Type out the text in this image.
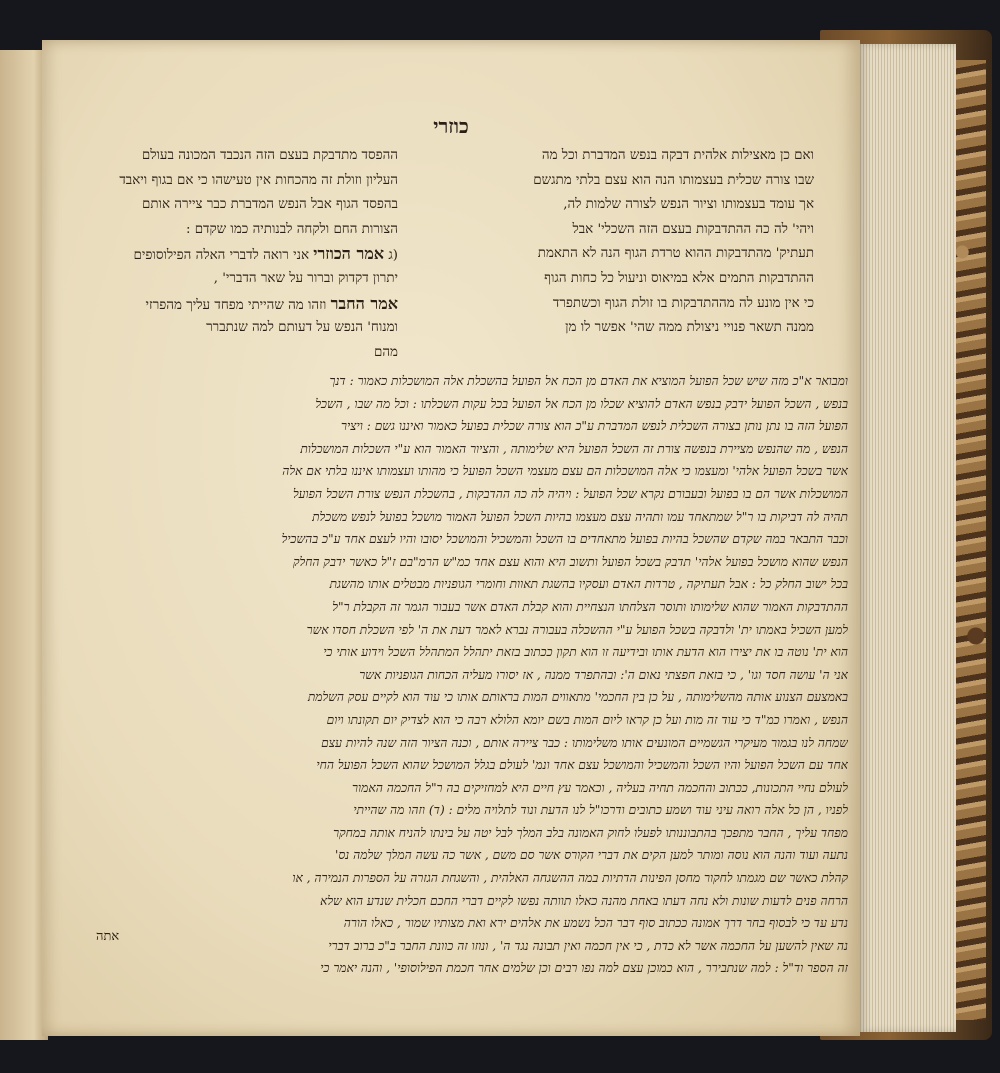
כוזרי
ואם כן מאצילות אלהית דבקה בנפש המדברת וכל מה
שבו צורה שכלית בעצמותו הנה הוא עצם בלתי מתגשם
אך עומד בעצמותו וציור הנפש לצורה שלמות לה,
ויהי' לה כה ההתדבקות בעצם הזה השכלי' אבל
תעתיק' מהתדבקות ההוא טרדת הגוף הנה לא התאמת
ההתדבקות התמים אלא במיאוס וניעול כל כחות הגוף
כי אין מונע לה מההתדבקות בו זולת הגוף וכשתפרד
ממנה תשאר פנויי ניצולת ממה שהי' אפשר לו מן
ההפסד מתדבקת בעצם הזה הנכבד המכונה בעולם
העליון וזולת זה מהכחות אין טעישהו כי אם בגוף ויאבד
בהפסד הגוף אבל הנפש המדברת כבר ציירה אותם
הצורות החם ולקחה לבנותיה כמו שקדם :
(ג אמר הכוזרי אני רואה לדברי האלה הפילוסופים
יתרון דקדוק וברור על שאר הדברי' ,
אמר החבר וזהו מה שהייתי מפחד עליך מהפרזי
ומנוח' הנפש על דעותם למה שנתברר
מהם
ומבואר א"כ מזה שיש שכל הפועל המוציא את האדם מן הכח אל הפועל בהשכלת אלה המושכלות כאמור : דנך
בנפש , השכל הפועל ידבק בנפש האדם להוציא שכלו מן הכח אל הפועל בכל עקות השכלתו : וכל מה שבו , השכל
הפועל הזה בו נתן נותן בצורה השכלית לנפש המדברת ע"כ הוא צורה שכלית בפועל כאמור ואיננו גשם : ויציר
הנפש , מה שהנפש מציירת בנפשה צורת זה השכל הפועל היא שלימותה , והציור האמור הוא ע"י השכלות המושכלות
אשר בשכל הפועל אלהי' ומעצמו כי אלה המושכלות הם עצם מעצמי השכל הפועל כי מהותו ועצמותו איננו בלתי אם אלה
המושכלות אשר הם בו בפועל ובעבורם נקרא שכל הפועל : ויהיה לה כה ההדבקות , בהשכלת הנפש צורת השכל הפועל
תהיה לה דביקות בו ר"ל שמתאחד עמו ותהיה עצם מעצמו בהיות השכל הפועל האמור מושכל בפועל לנפש משכלת
וכבר התבאר במה שקדם שהשכל בהיות בפועל מתאחדים בו השכל והמשכיל והמושכל יסובו והיו לעצם אחד ע"כ בהשכיל
הנפש שהוא מושכל בפועל אלהי' תדבק בשכל הפועל ותשוב היא והוא עצם אחד כמ"ש הרמ"בם ז"ל כאשר ידבק החלק
בכל ישוב החלק כל : אבל תעתיקה , טרדות האדם ועסקיו בהשגת תאוות וחומרי הגופניות מבטלים אותו מהשגת
ההתדבקות האמור שהוא שלימותו ותוסר הצלחתו הנצחיית והוא קבלת האדם אשר בעבור הגמר זה הקבלת ר"ל
למען השכיל באמתו ית' ולדבקה בשכל הפועל ע"י ההשכלה בעבורה נברא לאמר דעת את ה' לפי השכלת חסדו אשר
הוא ית' נוטה בו את יצירו הוא הדעת אותו ובידיעה זו הוא תקון ככתוב בזאת יתהלל המתהלל השכל וידוע אותי כי
אני ה' עושה חסד וגו' , כי בזאת חפצתי נאום ה': ובהתפרד ממנה , אז יסורו מעליה הכחות הגופניות אשר
באמצעם הצנוע אותה מהשלימותה , על כן בין החכמי' מתאווים המות בראותם אותו כי עוד הוא לקיים עסק השלמת
הנפש , ואמרו כמ"ד כי עוד זה מות ועל כן קראו ליום המות בשם יומא הלולא רבה כי הוא לצדיק יום תקונתו ויום
שמחה לנו בגמור מעיקרי הגשמיים המונעים אותו משלימותו : כבר ציירה אותם , וכנה הציור הזה שנה להיות עצם
אחד עם השכל הפועל והיו השכל והמשכיל והמושכל עצם אחד ונמ' לעולם בגלל המושכל שהוא השכל הפועל החי
לעולם נחיי התכונות, ככתוב והחכמה תחיה בעליה , וכאמר עץ חיים היא למחזיקים בה ר"ל החכמה האמור
לפניו , הן כל אלה רואה עיני עוד ושמע כתובים ודרכו"ל לנו הדעת ונוד לתלויה מלים : (ד) וזהו מה שהייתי
מפחד עליך , החבר מתפכך בהתבוננותו לפעלו לחוק האמונה בלב המלך לבל יטה על בינתו להניח אותה במחקר
נתעה ועוד והנה הוא נוסה ומותר למען הקים את דברי הקורס אשר סם משם , אשר כה עשה המלך שלמה נס'
קהלת כאשר שם מגמתו לחקור מחסן הפינות הדתיות במה ההשגחה האלהית , והשגחת הגזרה על הספרות הנמירה , או
הרחה פנים לדעות שונות ולא נחה דעתו באחת מהנה כאלו תוותה נפשו לקיים דברי החכם חכלית שנדע הוא שלא
נדע עד כי לבסוף בחר דרך אמונה ככתוב סוף דבר הכל נשמע את אלהים ירא ואת מצותיו שמור , כאלו הורה
נה שאין להשען על החכמה אשר לא כדת , כי אין חכמה ואין תבונה נגד ה' , ונוזו זה כוונת החבר ב"כ ברוב דברי
זה הספר וד"ל : למה שנתבירר , הוא כמוכן עצם למה נפו רבים וכן שלמים אחר חכמת הפילוסופי' , והנה יאמר כי
אתה
